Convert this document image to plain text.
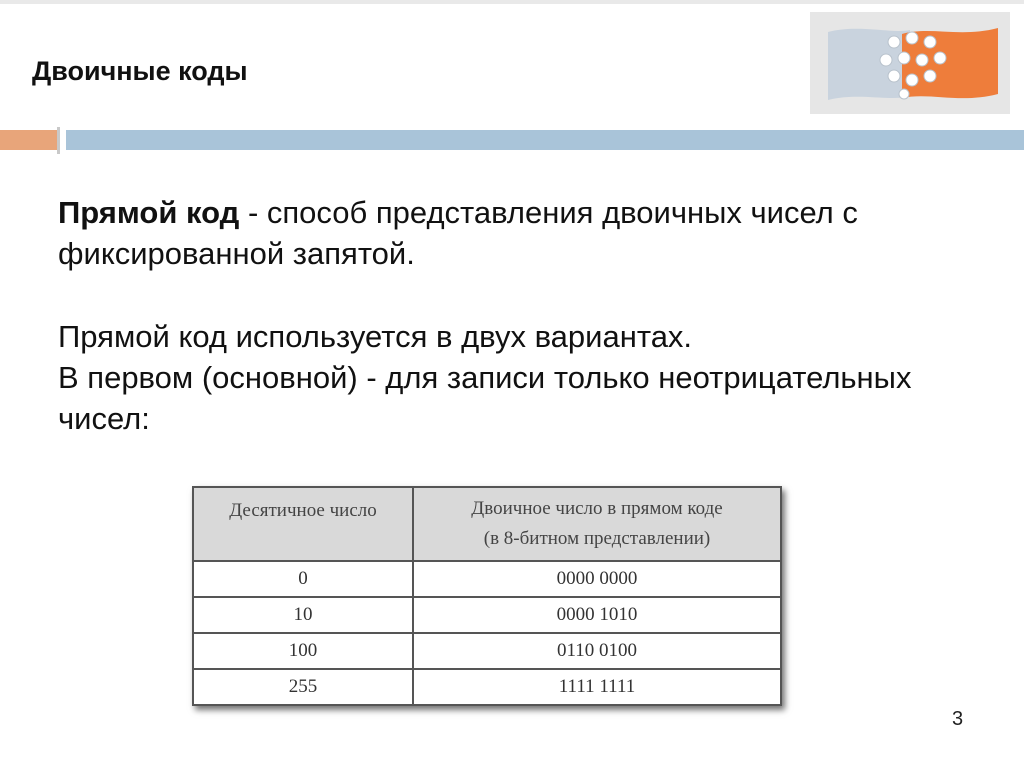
Двоичные коды

Прямой код - способ представления двоичных чисел с фиксированной запятой.

Прямой код используется в двух вариантах.

В первом (основной) - для записи только неотрицательных чисел:

Десятичное число	Двоичное число в прямом коде
(в 8-битном представлении)
0	0000 0000
10	0000 1010
100	0110 0100
255	1111 1111
3
